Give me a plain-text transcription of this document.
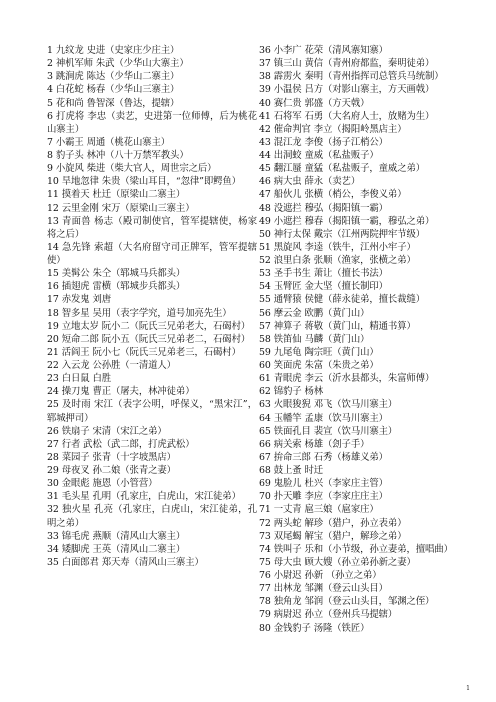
1 九纹龙 史进（史家庄少庄主）

2 神机军师 朱武（少华山大寨主）

3 跳涧虎 陈达（少华山二寨主）

4 白花蛇 杨春（少华山三寨主）

5 花和尚 鲁智深（鲁达，提辖）

6 打虎将 李忠（卖艺，史进第一位师傅，后为桃花山寨主）

7 小霸王 周通（桃花山寨主）

8 豹子头 林冲（八十万禁军教头）

9 小旋风 柴进（柴大官人，周世宗之后）

10 旱地忽律 朱贵（梁山耳目，“忽律”即鳄鱼）

11 摸着天 杜迁（原梁山二寨主）

12 云里金刚 宋万（原梁山三寨主）

13 青面兽 杨志（殿司制使官，管军提辖使，杨家将之后）

14 急先锋 索超（大名府留守司正牌军，管军提辖使）

15 美髯公 朱仝（郓城马兵都头）

16 插翅虎 雷横（郓城步兵都头）

17 赤发鬼 刘唐

18 智多星 吴用（表字学究，道号加亮先生）

19 立地太岁 阮小二（阮氏三兄弟老大，石碣村）

20 短命二郎 阮小五（阮氏三兄弟老二，石碣村）

21 活阎王 阮小七（阮氏三兄弟老三，石碣村）

22 入云龙 公孙胜（一清道人）

23 白日鼠 白胜

24 操刀鬼 曹正（屠夫，林冲徒弟）

25 及时雨 宋江（表字公明，呼保义，“黑宋江”，郓城押司）

26 铁扇子 宋清（宋江之弟）

27 行者 武松（武二郎，打虎武松）

28 菜园子 张青（十字坡黑店）

29 母夜叉 孙二娘（张青之妻）

30 金眼彪 施恩（小管营）

31 毛头星 孔明（孔家庄，白虎山，宋江徒弟）

32 独火星 孔亮（孔家庄，白虎山，宋江徒弟，孔明之弟）

33 锦毛虎 燕顺（清风山大寨主）

34 矮脚虎 王英（清风山二寨主）

35 白面郎君 郑天寿（清风山三寨主）

36 小李广 花荣（清风寨知寨）

37 镇三山 黄信（青州府都监，秦明徒弟）

38 霹雳火 秦明（青州指挥司总管兵马统制）

39 小温侯 吕方（对影山寨主，方天画戟）

40 赛仁贵 郭盛（方天戟）

41 石将军 石勇（大名府人士，放赌为生）

42 催命判官 李立（揭阳岭黑店主）

43 混江龙 李俊（扬子江梢公）

44 出洞蛟 童威（私盐贩子）

45 翻江蜃 童猛（私盐贩子，童威之弟）

46 病大虫 薛永（卖艺）

47 船伙儿 张横（梢公，李俊义弟）

48 没遮拦 穆弘（揭阳镇一霸）

49 小遮拦 穆春（揭阳镇一霸，穆弘之弟）

50 神行太保 戴宗（江州两院押牢节级）

51 黑旋风 李逵（铁牛，江州小牢子）

52 浪里白条 张顺（渔家，张横之弟）

53 圣手书生 萧让（擅长书法）

54 玉臂匠 金大坚（擅长制印）

55 通臂猿 侯健（薛永徒弟，擅长裁缝）

56 摩云金 欧鹏（黄门山）

57 神算子 蒋敬（黄门山，精通书算）

58 铁笛仙 马麟（黄门山）

59 九尾龟 陶宗旺（黄门山）

60 笑面虎 朱富（朱贵之弟）

61 青眼虎 李云（沂水县都头，朱富师傅）

62 锦豹子 杨林

63 火眼狻猊 邓飞（饮马川寨主）

64 玉幡竿 孟康（饮马川寨主）

65 铁面孔目 裴宣（饮马川寨主）

66 病关索 杨雄（刽子手）

67 拚命三郎 石秀（杨雄义弟）

68 鼓上蚤 时迁

69 鬼脸儿 杜兴（李家庄主管）

70 扑天雕 李应（李家庄庄主）

71 一丈青 扈三娘（扈家庄）

72 两头蛇 解珍（猎户，孙立表弟）

73 双尾蝎 解宝（猎户，解珍之弟）

74 铁叫子 乐和（小节级，孙立妻弟，擅唱曲）

75 母大虫 顾大嫂（孙立弟孙新之妻）

76 小尉迟 孙新 （孙立之弟）

77 出林龙 邹渊（登云山头目）

78 独角龙 邹润（登云山头目，邹渊之侄）

79 病尉迟 孙立（登州兵马提辖）

80 金钱豹子 汤隆（铁匠）

1
